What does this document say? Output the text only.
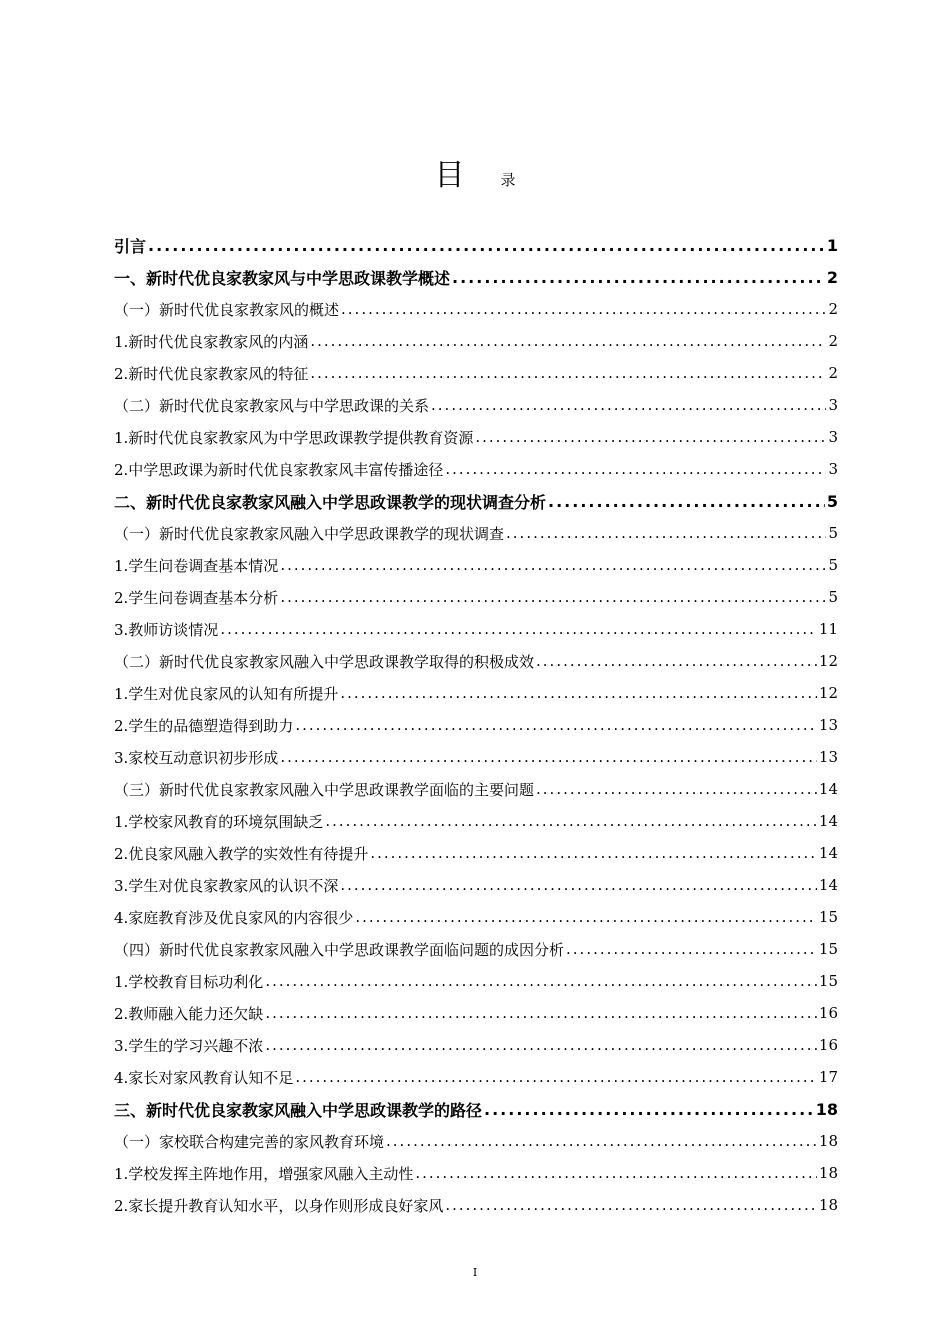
目 录
引言 .....	1
一、新时代优良家教家风与中学思政课教学概述 .....	2
（一）新时代优良家教家风的概述 .....	2
1.新时代优良家教家风的内涵 .....	2
2.新时代优良家教家风的特征 .....	2
（二）新时代优良家教家风与中学思政课的关系 .....	3
1.新时代优良家教家风为中学思政课教学提供教育资源 .....	3
2.中学思政课为新时代优良家教家风丰富传播途径 .....	3
二、新时代优良家教家风融入中学思政课教学的现状调查分析 .....	5
（一）新时代优良家教家风融入中学思政课教学的现状调查 .....	5
1.学生问卷调查基本情况 .....	5
2.学生问卷调查基本分析 .....	5
3.教师访谈情况 .....	11
（二）新时代优良家教家风融入中学思政课教学取得的积极成效 .....	12
1.学生对优良家风的认知有所提升 .....	12
2.学生的品德塑造得到助力 .....	13
3.家校互动意识初步形成 .....	13
（三）新时代优良家教家风融入中学思政课教学面临的主要问题 .....	14
1.学校家风教育的环境氛围缺乏 .....	14
2.优良家风融入教学的实效性有待提升 .....	14
3.学生对优良家教家风的认识不深 .....	14
4.家庭教育涉及优良家风的内容很少 .....	15
（四）新时代优良家教家风融入中学思政课教学面临问题的成因分析 .....	15
1.学校教育目标功利化 .....	15
2.教师融入能力还欠缺 .....	16
3.学生的学习兴趣不浓 .....	16
4.家长对家风教育认知不足 .....	17
三、新时代优良家教家风融入中学思政课教学的路径 .....	18
（一）家校联合构建完善的家风教育环境 .....	18
1.学校发挥主阵地作用，增强家风融入主动性 .....	18
2.家长提升教育认知水平，以身作则形成良好家风 .....	18
I
